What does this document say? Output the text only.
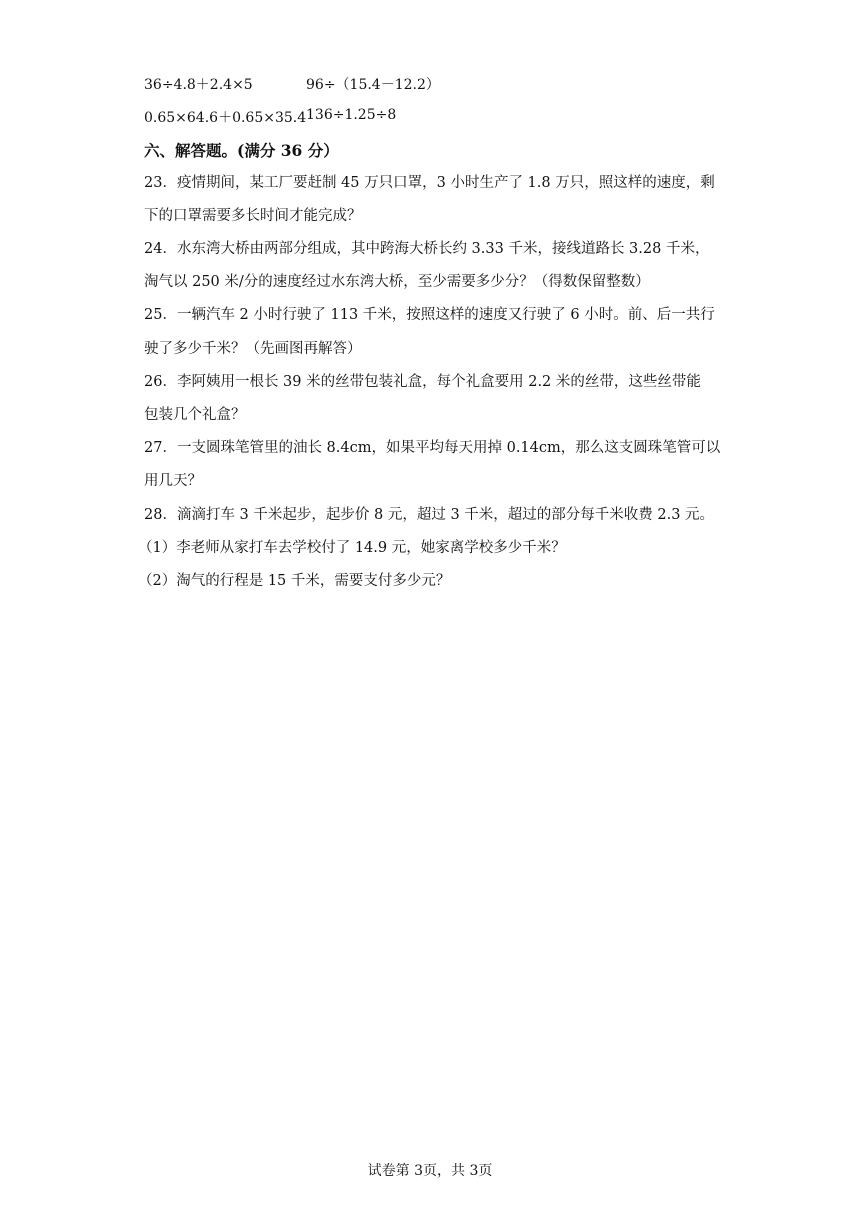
36÷4.8＋2.4×5	96÷（15.4－12.2）
0.65×64.6＋0.65×35.4 136÷1.25÷8
六、解答题。(满分 36 分）
23．疫情期间，某工厂要赶制 45 万只口罩，3 小时生产了 1.8 万只，照这样的速度，剩
下的口罩需要多长时间才能完成？
24．水东湾大桥由两部分组成，其中跨海大桥长约 3.33 千米，接线道路长 3.28 千米，
淘气以 250 米/分的速度经过水东湾大桥，至少需要多少分？（得数保留整数）
25．一辆汽车 2 小时行驶了 113 千米，按照这样的速度又行驶了 6 小时。前、后一共行
驶了多少千米？（先画图再解答）
26．李阿姨用一根长 39 米的丝带包装礼盒，每个礼盒要用 2.2 米的丝带，这些丝带能
包装几个礼盒？
27．一支圆珠笔管里的油长 8.4cm，如果平均每天用掉 0.14cm，那么这支圆珠笔管可以
用几天？
28．滴滴打车 3 千米起步，起步价 8 元，超过 3 千米，超过的部分每千米收费 2.3 元。
（1）李老师从家打车去学校付了 14.9 元，她家离学校多少千米？
（2）淘气的行程是 15 千米，需要支付多少元？
试卷第 3页，共 3页
